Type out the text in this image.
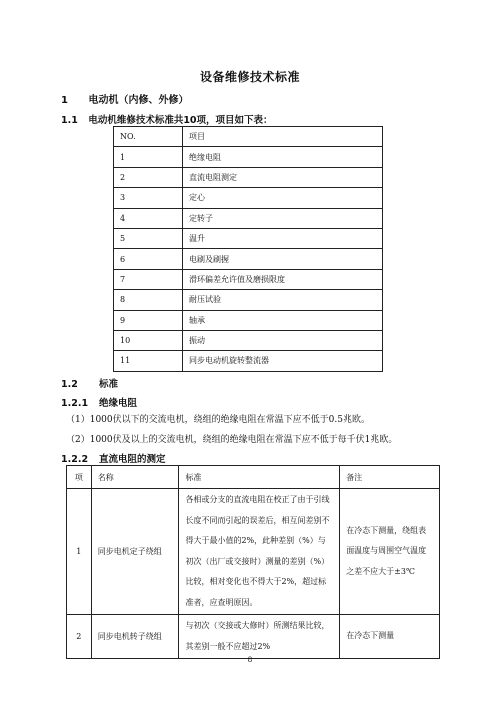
设备维修技术标准
1 电动机（内修、外修）
1.1 电动机维修技术标准共10项，项目如下表：
NO.	项目
1	绝缘电阻
2	直流电阻测定
3	定心
4	定转子
5	温升
6	电刷及刷握
7	滑环偏差允许值及磨损限度
8	耐压试验
9	轴承
10	振动
11	同步电动机旋转整流器
1.2 标准
1.2.1 绝缘电阻
（1）1000伏以下的交流电机，绕组的绝缘电阻在常温下应不低于0.5兆欧。
（2）1000伏及以上的交流电机，绕组的绝缘电阻在常温下应不低于每千伏1兆欧。
1.2.2 直流电阻的测定
项	名称	标准	备注
1	同步电机定子绕组	各相或分支的直流电阻在校正了由于引线长度不同而引起的误差后，相互间差别不得大于最小值的2%，此种差别（%）与初次（出厂或交接时）测量的差别（%）比较，相对变化也不得大于2%，超过标准者，应查明原因。	在冷态下测量，绕组表面温度与周围空气温度之差不应大于±3℃
2	同步电机转子绕组	与初次（交接或大修时）所测结果比较，其差别一般不应超过2%	在冷态下测量
8
